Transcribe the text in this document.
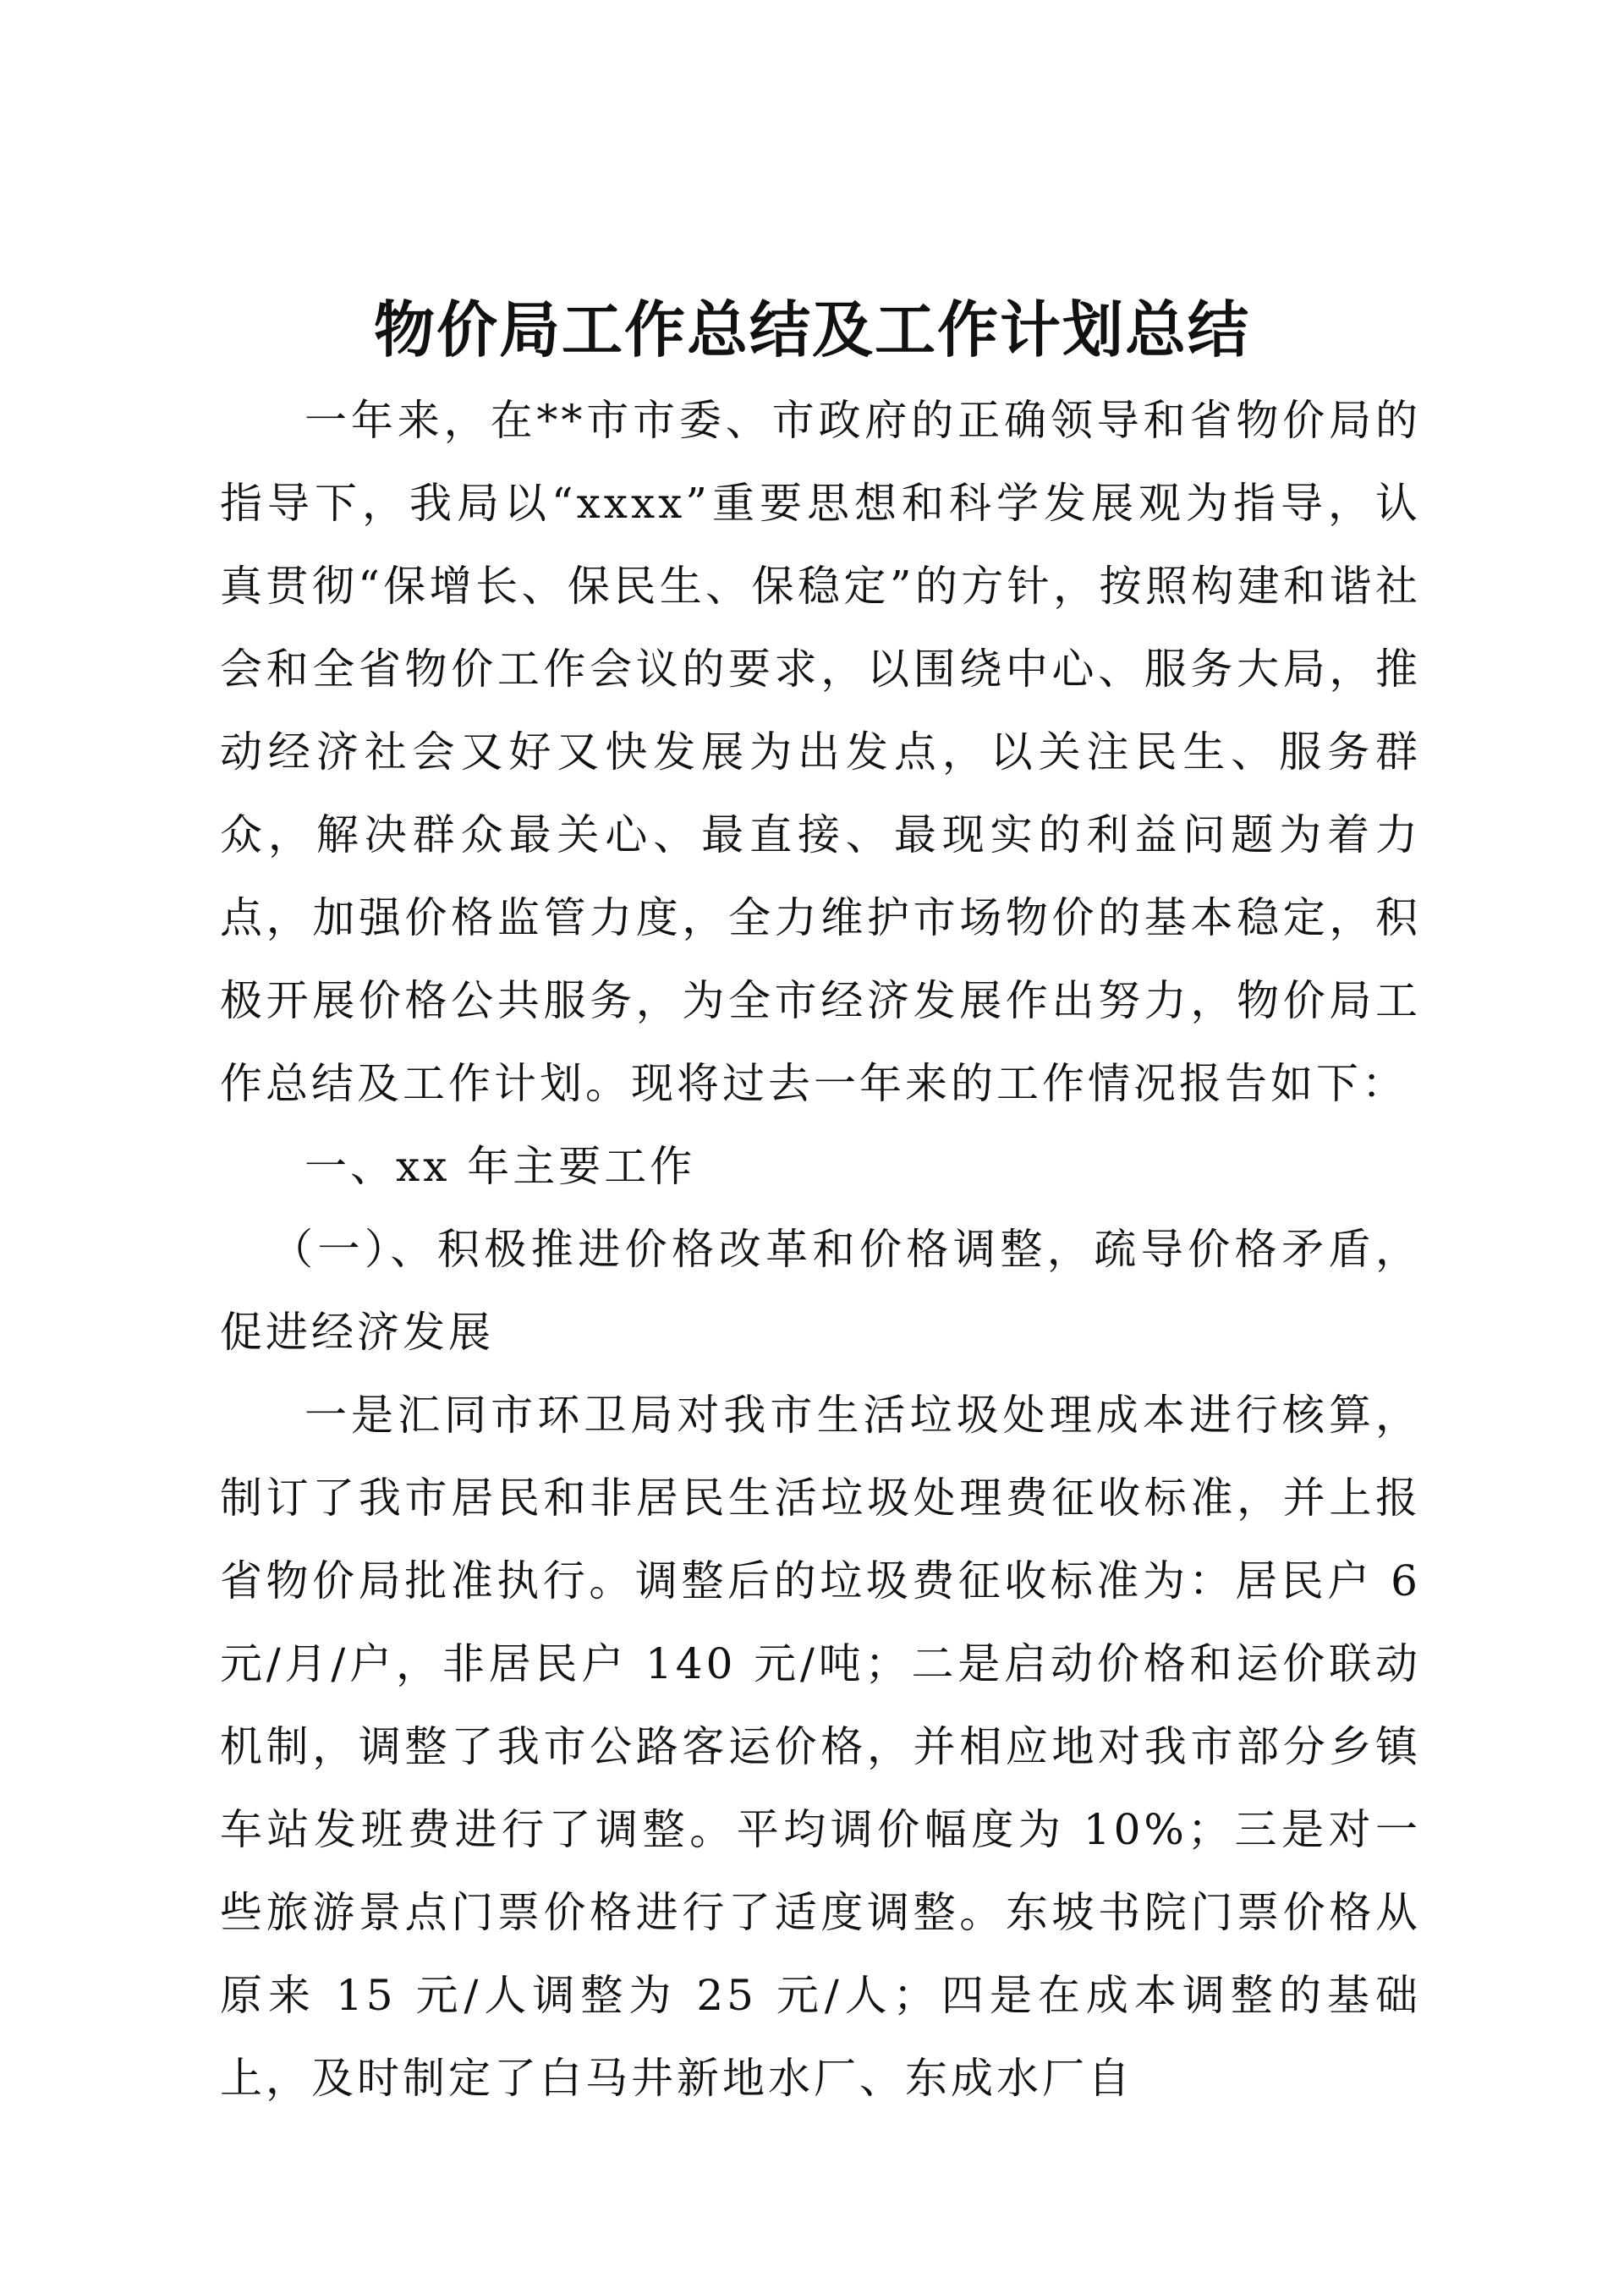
物价局工作总结及工作计划总结

一年来，在**市市委、市政府的正确领导和省物价局的指导下，我局以“xxxx”重要思想和科学发展观为指导，认真贯彻“保增长、保民生、保稳定”的方针，按照构建和谐社会和全省物价工作会议的要求，以围绕中心、服务大局，推动经济社会又好又快发展为出发点，以关注民生、服务群众，解决群众最关心、最直接、最现实的利益问题为着力点，加强价格监管力度，全力维护市场物价的基本稳定，积极开展价格公共服务，为全市经济发展作出努力，物价局工作总结及工作计划。现将过去一年来的工作情况报告如下：

一、xx 年主要工作

（一）、积极推进价格改革和价格调整，疏导价格矛盾，促进经济发展

一是汇同市环卫局对我市生活垃圾处理成本进行核算，制订了我市居民和非居民生活垃圾处理费征收标准，并上报省物价局批准执行。调整后的垃圾费征收标准为：居民户 6 元/月/户，非居民户 140 元/吨；二是启动价格和运价联动机制，调整了我市公路客运价格，并相应地对我市部分乡镇车站发班费进行了调整。平均调价幅度为 10%；三是对一些旅游景点门票价格进行了适度调整。东坡书院门票价格从原来 15 元/人调整为 25 元/人；四是在成本调整的基础上，及时制定了白马井新地水厂、东成水厂自
